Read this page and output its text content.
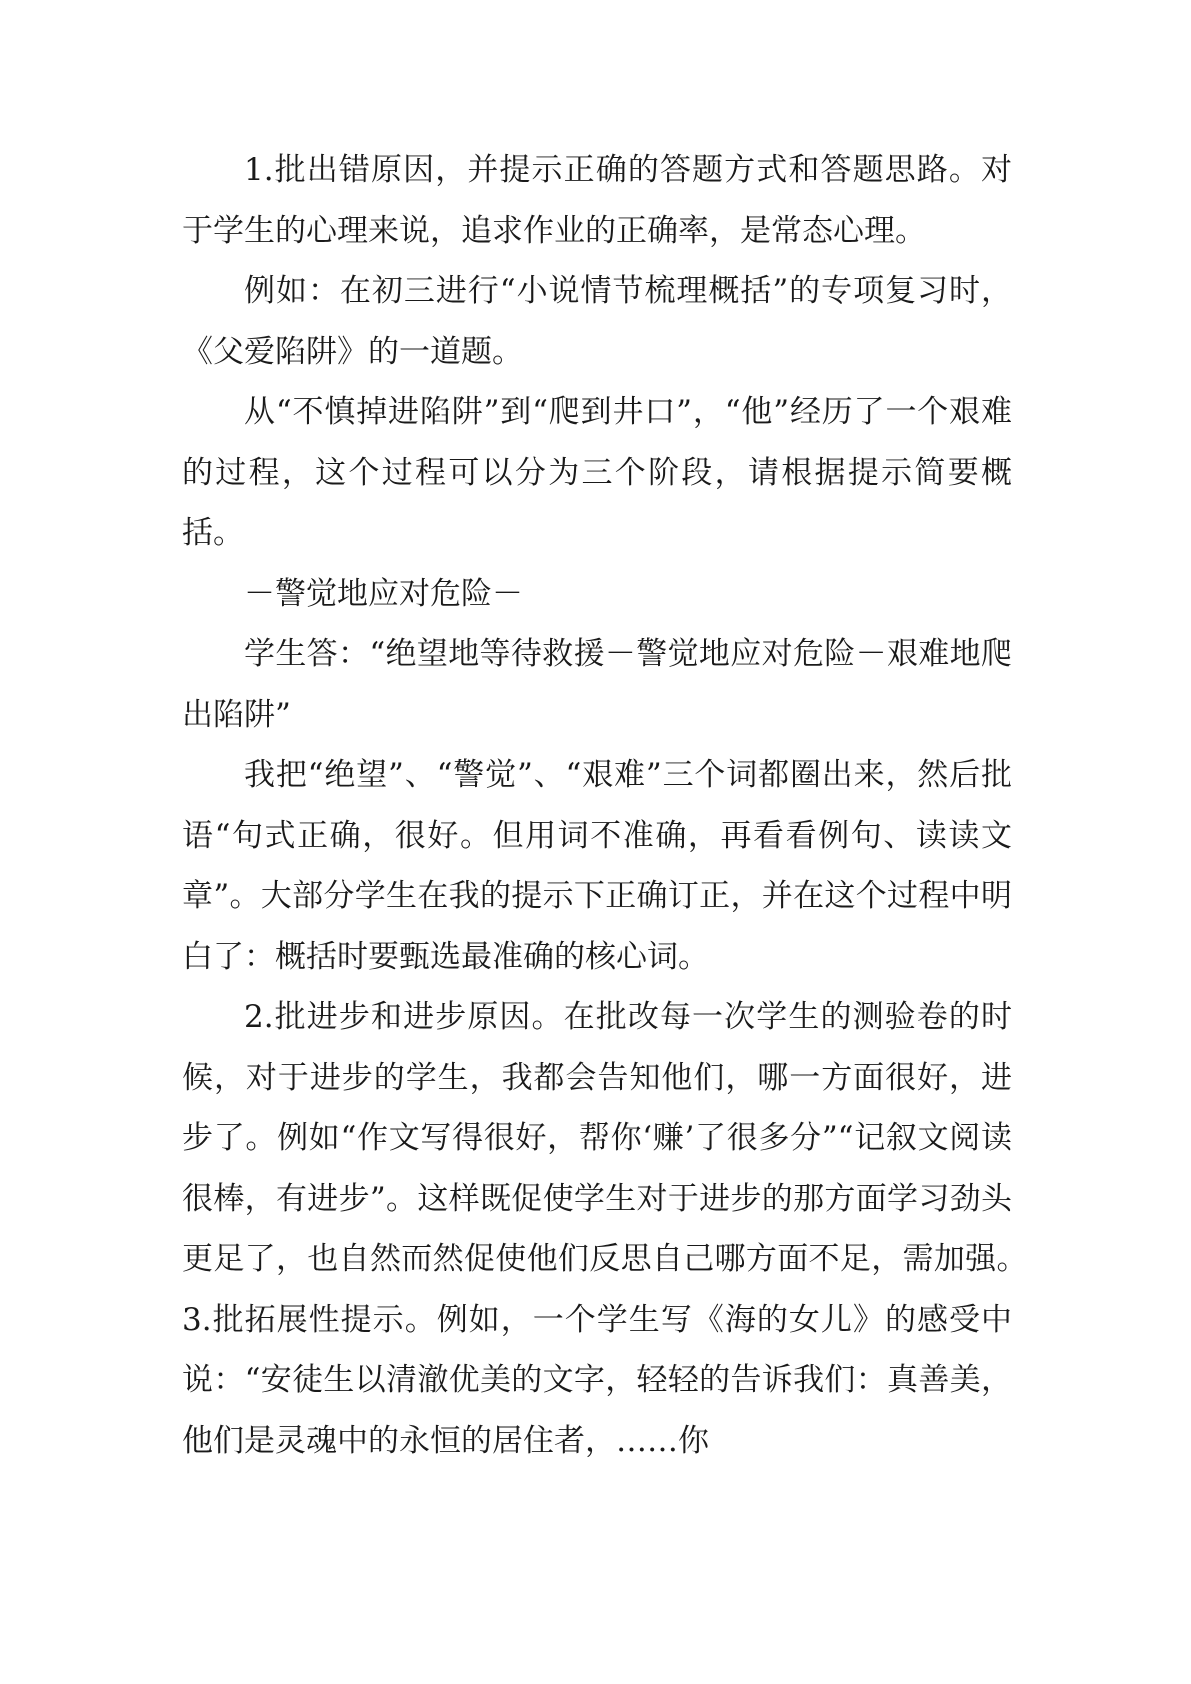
1.批出错原因，并提示正确的答题方式和答题思路。对于学生的心理来说，追求作业的正确率，是常态心理。

例如：在初三进行“小说情节梳理概括”的专项复习时，《父爱陷阱》的一道题。

从“不慎掉进陷阱”到“爬到井口”，“他”经历了一个艰难的过程，这个过程可以分为三个阶段，请根据提示简要概括。

－警觉地应对危险－

学生答：“绝望地等待救援－警觉地应对危险－艰难地爬出陷阱”

我把“绝望”、“警觉”、“艰难”三个词都圈出来，然后批语“句式正确，很好。但用词不准确，再看看例句、读读文章”。大部分学生在我的提示下正确订正，并在这个过程中明白了：概括时要甄选最准确的核心词。

2.批进步和进步原因。在批改每一次学生的测验卷的时候，对于进步的学生，我都会告知他们，哪一方面很好，进步了。例如“作文写得很好，帮你‘赚’了很多分”“记叙文阅读很棒，有进步”。这样既促使学生对于进步的那方面学习劲头更足了，也自然而然促使他们反思自己哪方面不足，需加强。　　　　3.批拓展性提示。例如，一个学生写《海的女儿》的感受中说：“安徒生以清澈优美的文字，轻轻的告诉我们：真善美，他们是灵魂中的永恒的居住者，……你
